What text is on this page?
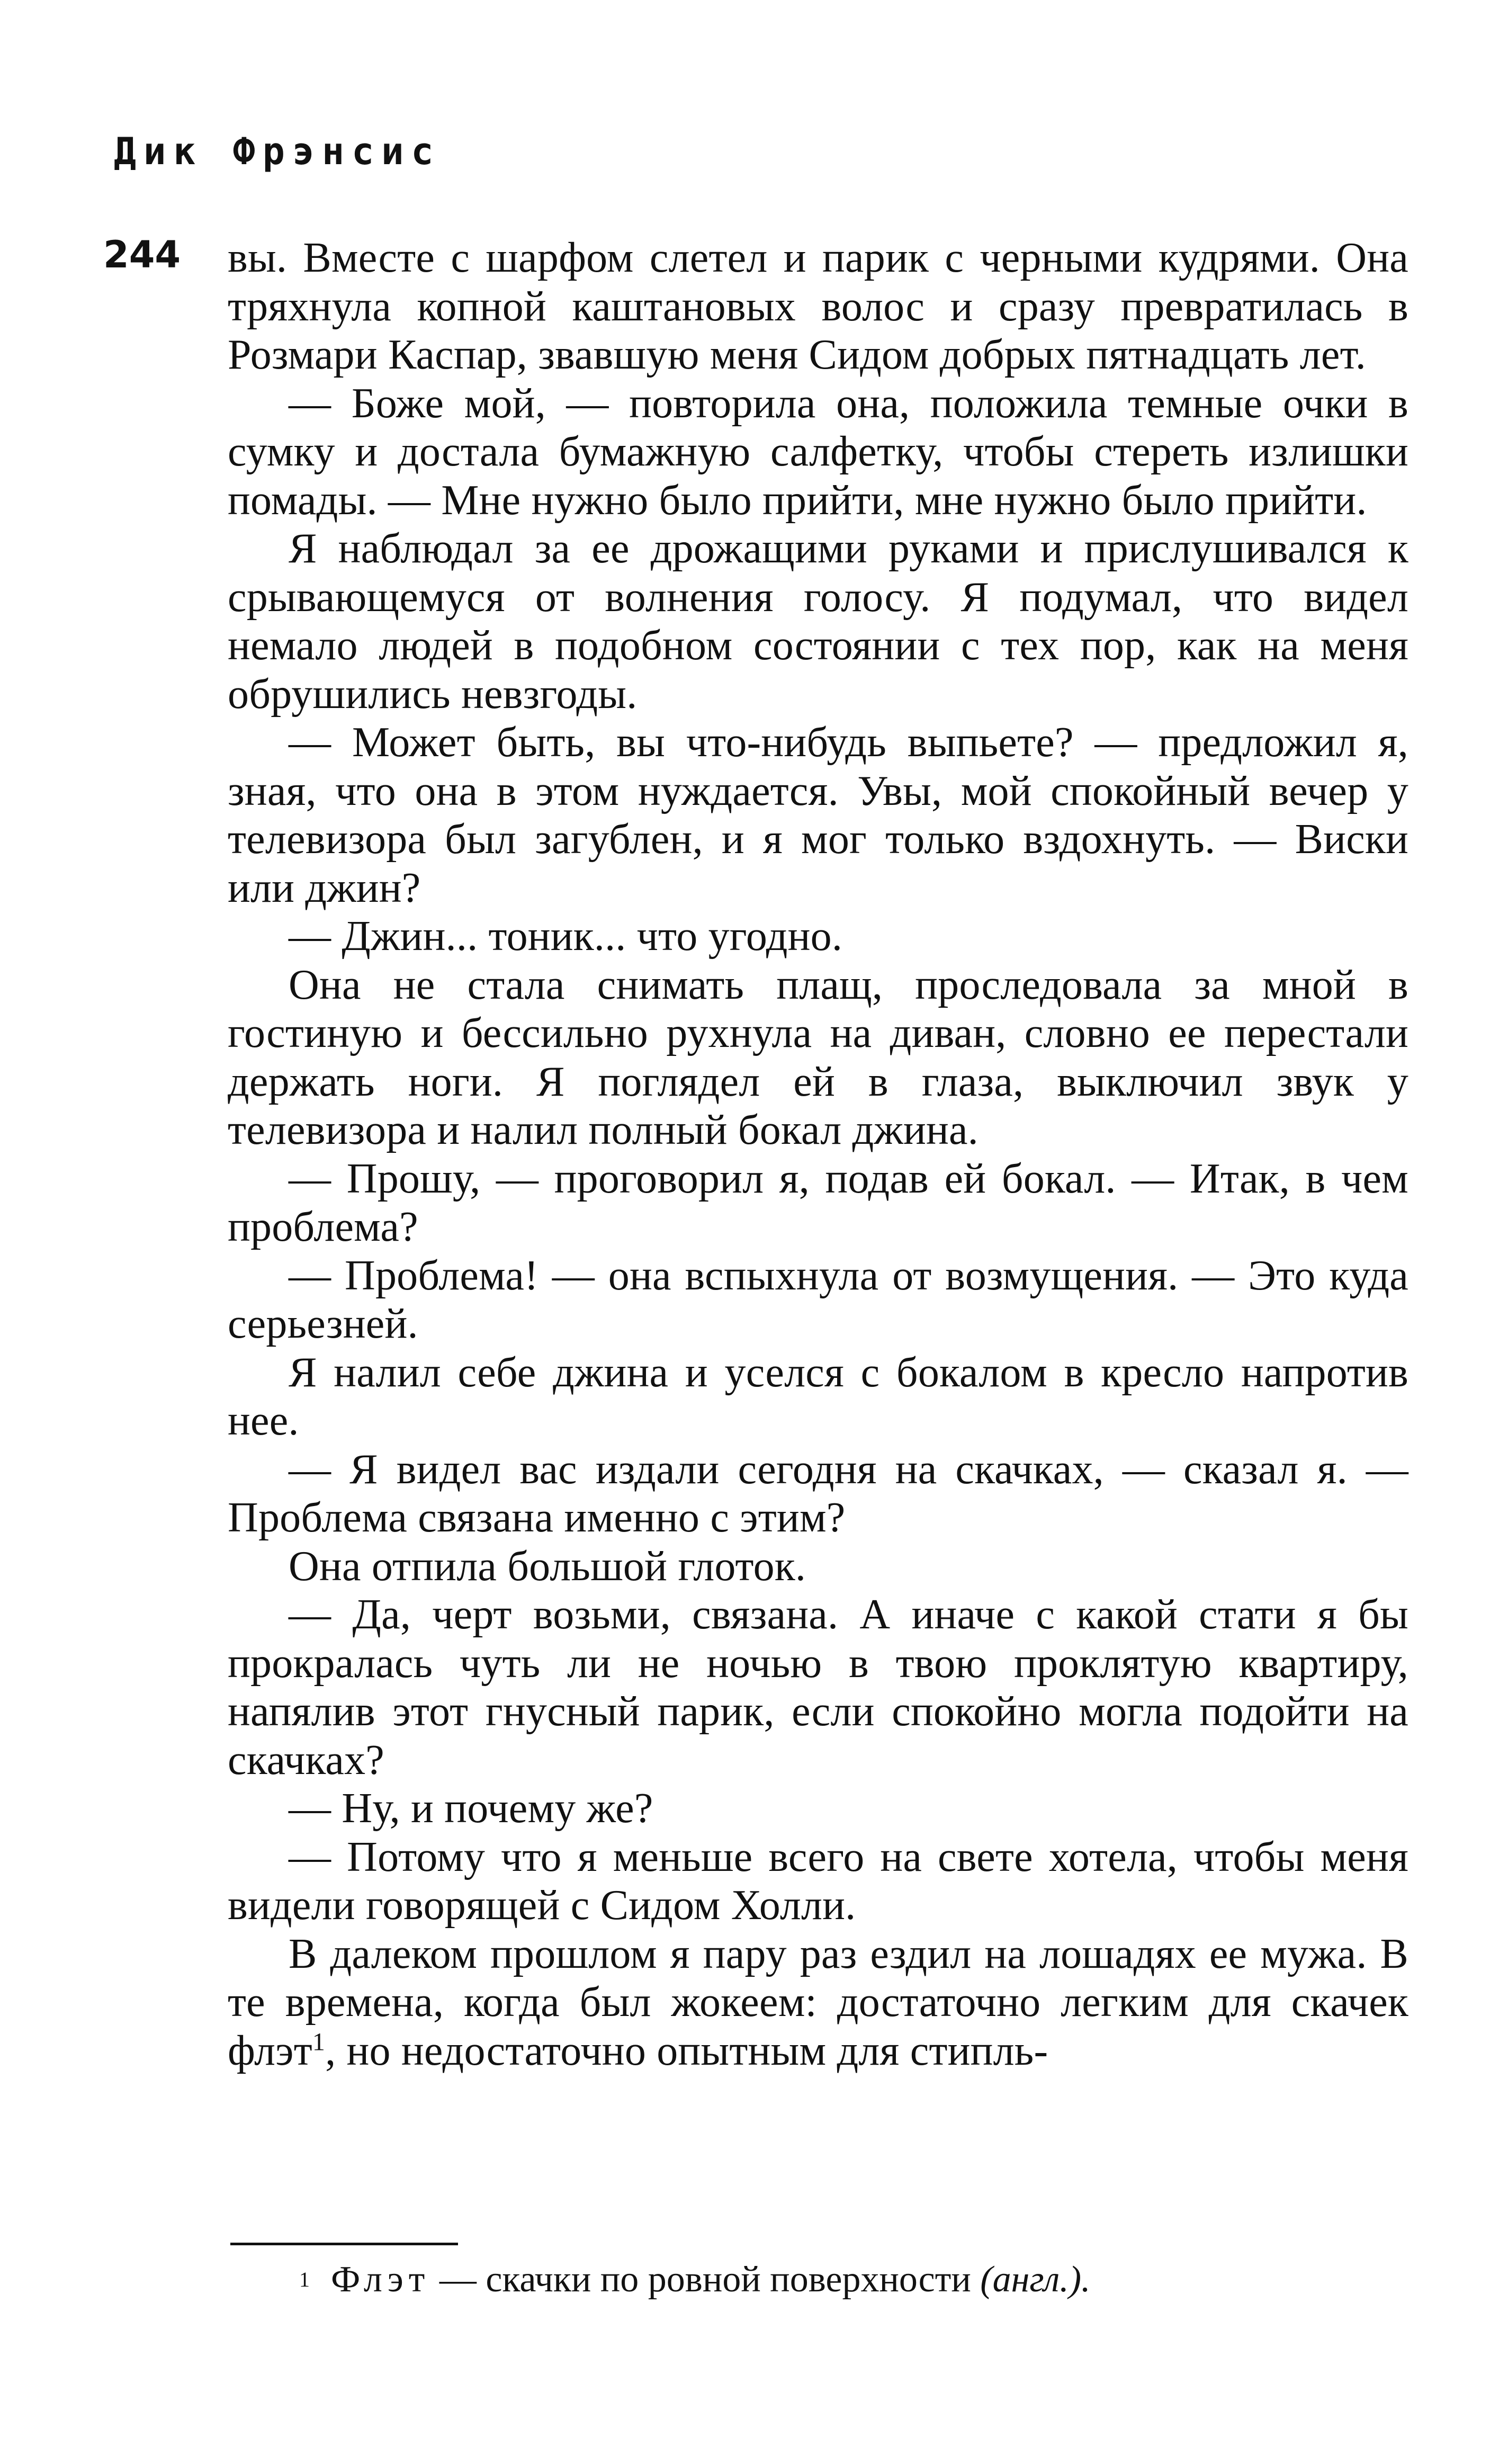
Дик Фрэнсис
244 вы. Вместе с шарфом слетел и парик с черными кудрями. Она тряхнула копной каштановых волос и сразу превратилась в Розмари Каспар, звавшую меня Сидом добрых пятнадцать лет.

— Боже мой, — повторила она, положила темные очки в сумку и достала бумажную салфетку, чтобы стереть излишки помады. — Мне нужно было прийти, мне нужно было прийти.

Я наблюдал за ее дрожащими руками и прислушивался к срывающемуся от волнения голосу. Я подумал, что видел немало людей в подобном состоянии с тех пор, как на меня обрушились невзгоды.

— Может быть, вы что-нибудь выпьете? — предложил я, зная, что она в этом нуждается. Увы, мой спокойный вечер у телевизора был загублен, и я мог только вздохнуть. — Виски или джин?

— Джин... тоник... что угодно.

Она не стала снимать плащ, проследовала за мной в гостиную и бессильно рухнула на диван, словно ее перестали держать ноги. Я поглядел ей в глаза, выключил звук у телевизора и налил полный бокал джина.

— Прошу, — проговорил я, подав ей бокал. — Итак, в чем проблема?

— Проблема! — она вспыхнула от возмущения. — Это куда серьезней.

Я налил себе джина и уселся с бокалом в кресло напротив нее.

— Я видел вас издали сегодня на скачках, — сказал я. — Проблема связана именно с этим?

Она отпила большой глоток.

— Да, черт возьми, связана. А иначе с какой стати я бы прокралась чуть ли не ночью в твою проклятую квартиру, напялив этот гнусный парик, если спокойно могла подойти на скачках?

— Ну, и почему же?

— Потому что я меньше всего на свете хотела, чтобы меня видели говорящей с Сидом Холли.

В далеком прошлом я пару раз ездил на лошадях ее мужа. В те времена, когда был жокеем: достаточно легким для скачек флэт$^1$, но недостаточно опытным для стипль-

1 Флэт — скачки по ровной поверхности (англ.).
